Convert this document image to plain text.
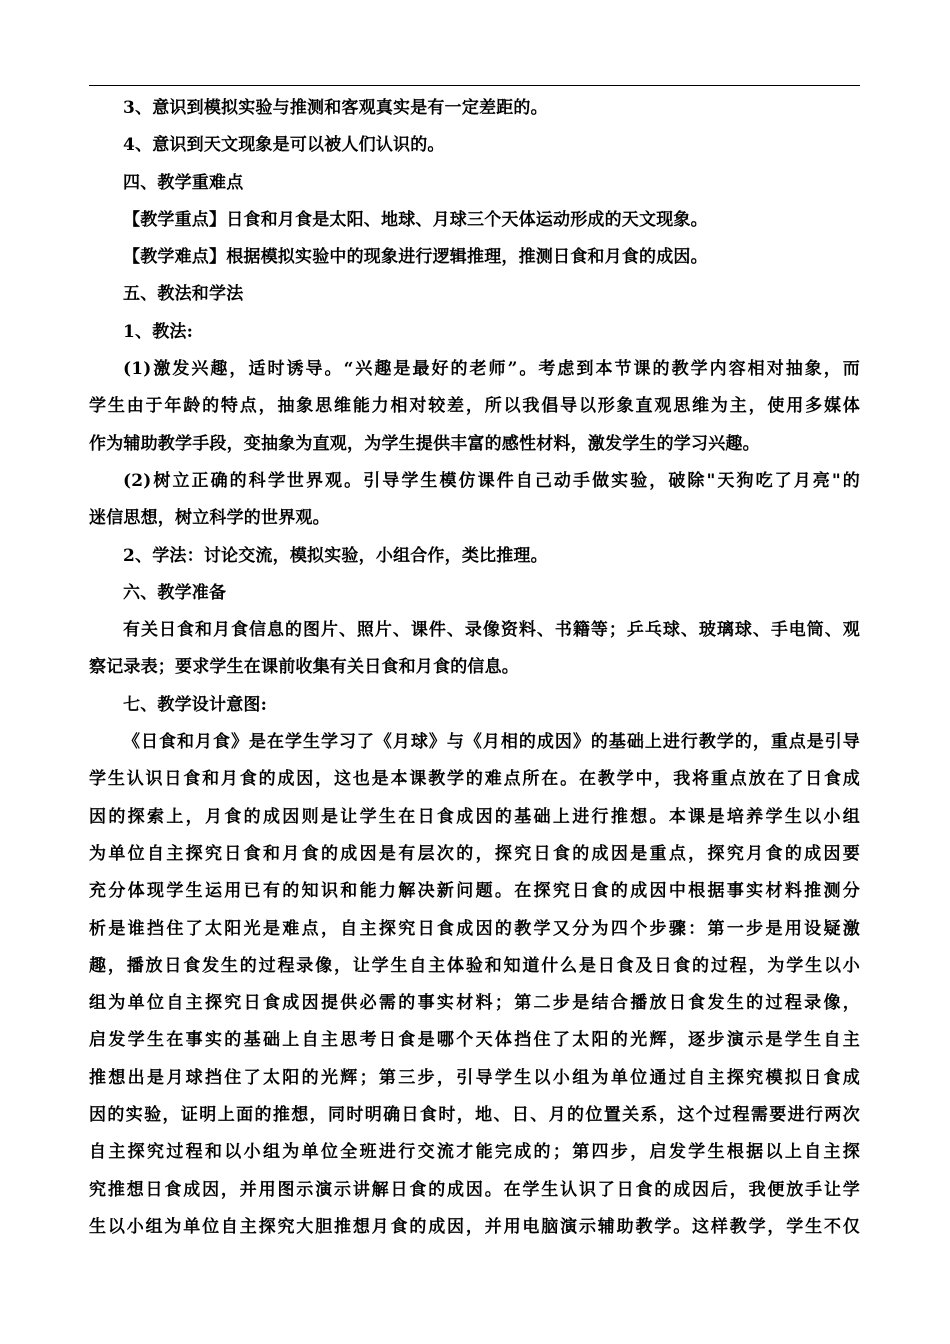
3、意识到模拟实验与推测和客观真实是有一定差距的。
4、意识到天文现象是可以被人们认识的。
四、教学重难点
【教学重点】日食和月食是太阳、地球、月球三个天体运动形成的天文现象。
【教学难点】根据模拟实验中的现象进行逻辑推理，推测日食和月食的成因。
五、教法和学法
1、教法:
(1)激发兴趣，适时诱导。“兴趣是最好的老师”。考虑到本节课的教学内容相对抽象，而
学生由于年龄的特点，抽象思维能力相对较差，所以我倡导以形象直观思维为主，使用多媒体
作为辅助教学手段，变抽象为直观，为学生提供丰富的感性材料，激发学生的学习兴趣。
(2)树立正确的科学世界观。引导学生模仿课件自己动手做实验，破除"天狗吃了月亮"的
迷信思想，树立科学的世界观。
2、学法：讨论交流，模拟实验，小组合作，类比推理。
六、教学准备
有关日食和月食信息的图片、照片、课件、录像资料、书籍等；乒乓球、玻璃球、手电筒、观
察记录表；要求学生在课前收集有关日食和月食的信息。
七、教学设计意图:
《日食和月食》是在学生学习了《月球》与《月相的成因》的基础上进行教学的，重点是引导
学生认识日食和月食的成因，这也是本课教学的难点所在。在教学中，我将重点放在了日食成
因的探索上，月食的成因则是让学生在日食成因的基础上进行推想。本课是培养学生以小组
为单位自主探究日食和月食的成因是有层次的，探究日食的成因是重点，探究月食的成因要
充分体现学生运用已有的知识和能力解决新问题。在探究日食的成因中根据事实材料推测分
析是谁挡住了太阳光是难点，自主探究日食成因的教学又分为四个步骤：第一步是用设疑激
趣，播放日食发生的过程录像，让学生自主体验和知道什么是日食及日食的过程，为学生以小
组为单位自主探究日食成因提供必需的事实材料；第二步是结合播放日食发生的过程录像，
启发学生在事实的基础上自主思考日食是哪个天体挡住了太阳的光辉，逐步演示是学生自主
推想出是月球挡住了太阳的光辉；第三步，引导学生以小组为单位通过自主探究模拟日食成
因的实验，证明上面的推想，同时明确日食时，地、日、月的位置关系，这个过程需要进行两次
自主探究过程和以小组为单位全班进行交流才能完成的；第四步，启发学生根据以上自主探
究推想日食成因，并用图示演示讲解日食的成因。在学生认识了日食的成因后，我便放手让学
生以小组为单位自主探究大胆推想月食的成因，并用电脑演示辅助教学。这样教学，学生不仅
